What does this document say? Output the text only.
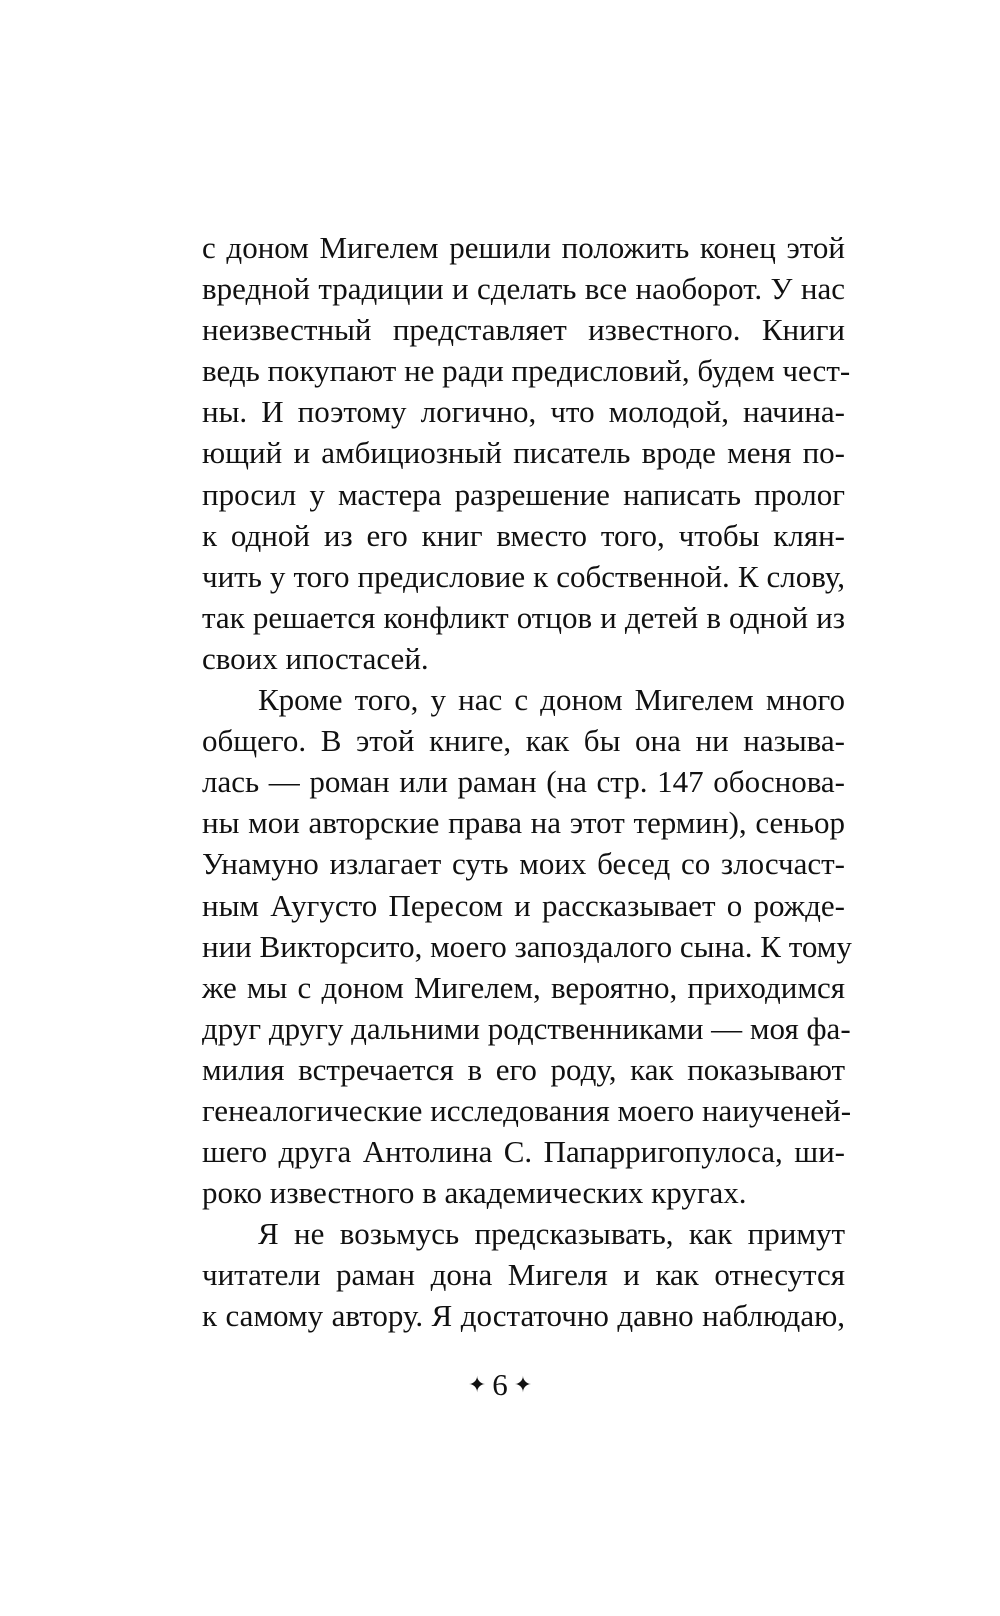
с доном Мигелем решили положить конец этой
вредной традиции и сделать все наоборот. У нас
неизвестный представляет известного. Книги
ведь покупают не ради предисловий, будем чест-
ны. И поэтому логично, что молодой, начина-
ющий и амбициозный писатель вроде меня по-
просил у мастера разрешение написать пролог
к одной из его книг вместо того, чтобы клян-
чить у того предисловие к собственной. К слову,
так решается конфликт отцов и детей в одной из
своих ипостасей.
Кроме того, у нас с доном Мигелем много
общего. В этой книге, как бы она ни называ-
лась — роман или раман (на стр. 147 обоснова-
ны мои авторские права на этот термин), сеньор
Унамуно излагает суть моих бесед со злосчаст-
ным Аугусто Пересом и рассказывает о рожде-
нии Викторсито, моего запоздалого сына. К тому
же мы с доном Мигелем, вероятно, приходимся
друг другу дальними родственниками — моя фа-
милия встречается в его роду, как показывают
генеалогические исследования моего наиученей-
шего друга Антолина С. Папарригопулоса, ши-
роко известного в академических кругах.
Я не возьмусь предсказывать, как примут
читатели раман дона Мигеля и как отнесутся
к самому автору. Я достаточно давно наблюдаю,
✦ 6 ✦
